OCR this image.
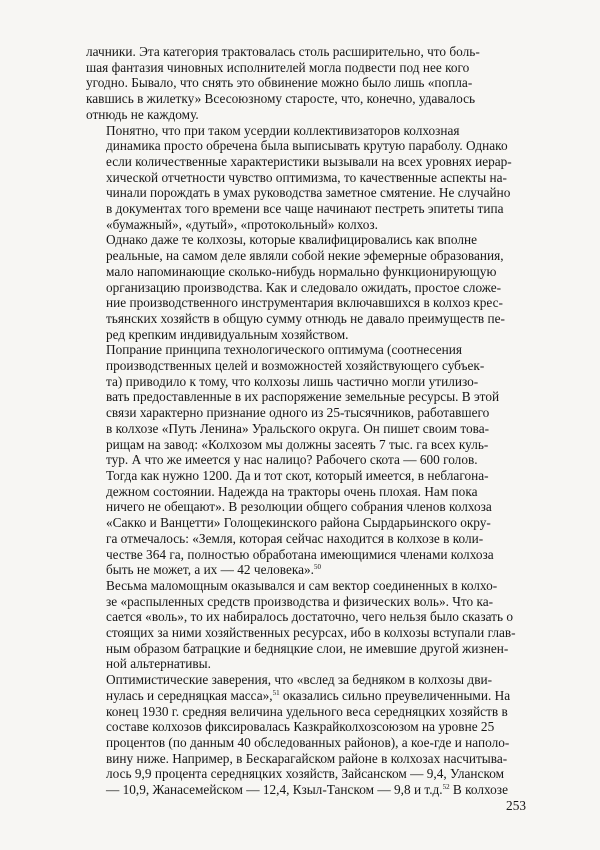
лачники. Эта категория трактовалась столь расширительно, что боль-
шая фантазия чиновных исполнителей могла подвести под нее кого
угодно. Бывало, что снять это обвинение можно было лишь «попла-
кавшись в жилетку» Всесоюзному старосте, что, конечно, удавалось
отнюдь не каждому.

Понятно, что при таком усердии коллективизаторов колхозная
динамика просто обречена была выписывать крутую параболу. Однако
если количественные характеристики вызывали на всех уровнях иерар-
хической отчетности чувство оптимизма, то качественные аспекты на-
чинали порождать в умах руководства заметное смятение. Не случайно
в документах того времени все чаще начинают пестреть эпитеты типа
«бумажный», «дутый», «протокольный» колхоз.

Однако даже те колхозы, которые квалифицировались как вполне
реальные, на самом деле являли собой некие эфемерные образования,
мало напоминающие сколько-нибудь нормально функционирующую
организацию производства. Как и следовало ожидать, простое сложе-
ние производственного инструментария включавшихся в колхоз крес-
тьянских хозяйств в общую сумму отнюдь не давало преимуществ пе-
ред крепким индивидуальным хозяйством.

Попрание принципа технологического оптимума (соотнесения
производственных целей и возможностей хозяйствующего субъек-
та) приводило к тому, что колхозы лишь частично могли утилизо-
вать предоставленные в их распоряжение земельные ресурсы. В этой
связи характерно признание одного из 25-тысячников, работавшего
в колхозе «Путь Ленина» Уральского округа. Он пишет своим това-
рищам на завод: «Колхозом мы должны засеять 7 тыс. га всех куль-
тур. А что же имеется у нас налицо? Рабочего скота — 600 голов.
Тогда как нужно 1200. Да и тот скот, который имеется, в неблагона-
дежном состоянии. Надежда на тракторы очень плохая. Нам пока
ничего не обещают». В резолюции общего собрания членов колхоза
«Сакко и Ванцетти» Голощекинского района Сырдарьинского окру-
га отмечалось: «Земля, которая сейчас находится в колхозе в коли-
честве 364 га, полностью обработана имеющимися членами колхоза
быть не может, а их — 42 человека».$^{50}$

Весьма маломощным оказывался и сам вектор соединенных в колхо-
зе «распыленных средств производства и физических воль». Что ка-
сается «воль», то их набиралось достаточно, чего нельзя было сказать о
стоящих за ними хозяйственных ресурсах, ибо в колхозы вступали глав-
ным образом батрацкие и бедняцкие слои, не имевшие другой жизнен-
ной альтернативы.

Оптимистические заверения, что «вслед за бедняком в колхозы дви-
нулась и середняцкая масса»,$^{51}$ оказались сильно преувеличенными. На
конец 1930 г. средняя величина удельного веса середняцких хозяйств в
составе колхозов фиксировалась Казкрайколхозсоюзом на уровне 25
процентов (по данным 40 обследованных районов), а кое-где и наполо-
вину ниже. Например, в Бескарагайском районе в колхозах насчитыва-
лось 9,9 процента середняцких хозяйств, Зайсанском — 9,4, Уланском
— 10,9, Жанасемейском — 12,4, Кзыл-Танском — 9,8 и т.д.$^{52}$ В колхозе

253
